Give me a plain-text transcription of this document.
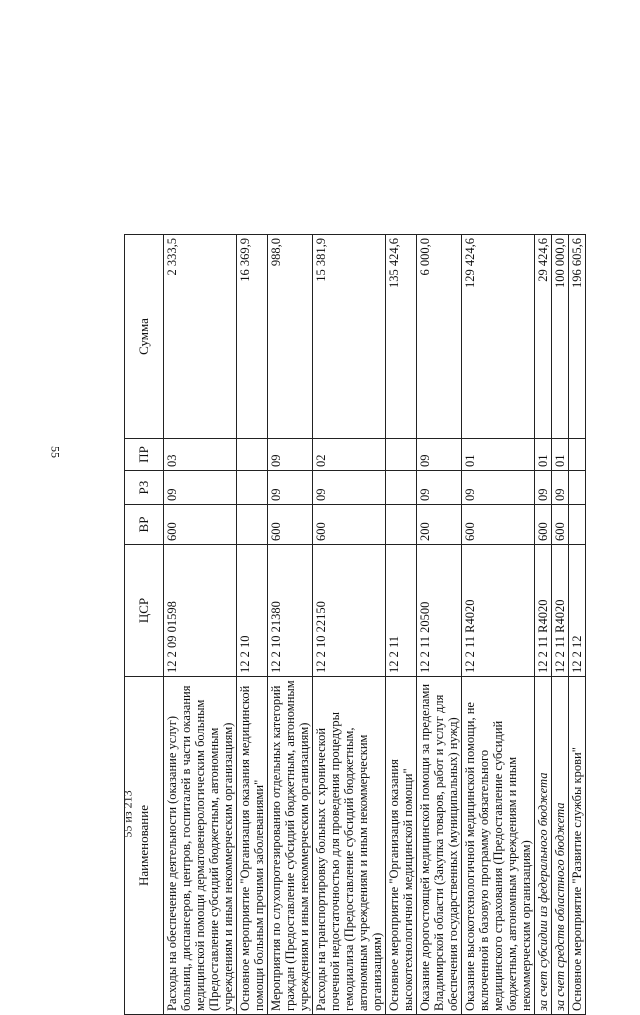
55
55 из 213 Наименование	ЦСР	ВР	РЗ	ПР	Сумма
Расходы на обеспечение деятельности (оказание услуг) больниц, диспансеров, центров, госпиталей в части оказания медицинской помощи дерматовенерологическим больным (Предоставление субсидий бюджетным, автономным учреждениям и иным некоммерческим организациям)	12 2 09 01598	600	09	03	2 333,5
Основное мероприятие "Организация оказания медицинской помощи больным прочими заболеваниями"	12 2 10				16 369,9
Мероприятия по слухопротезированию отдельных категорий граждан (Предоставление субсидий бюджетным, автономным учреждениям и иным некоммерческим организациям)	12 2 10 21380	600	09	09	988,0
Расходы на транспортировку больных с хронической почечной недостаточностью для проведения процедуры гемодиализа (Предоставление субсидий бюджетным, автономным учреждениям и иным некоммерческим организациям)	12 2 10 22150	600	09	02	15 381,9
Основное мероприятие "Организация оказания высокотехнологичной медицинской помощи"	12 2 11				135 424,6
Оказание дорогостоящей медицинской помощи за пределами Владимирской области (Закупка товаров, работ и услуг для обеспечения государственных (муниципальных) нужд)	12 2 11 20500	200	09	09	6 000,0
Оказание высокотехнологичной медицинской помощи, не включенной в базовую программу обязательного медицинского страхования (Предоставление субсидий бюджетным, автономным учреждениям и иным некоммерческим организациям)	12 2 11 R4020	600	09	01	129 424,6
за счет субсидии из федерального бюджета	12 2 11 R4020	600	09	01	29 424,6
за счет средств областного бюджета	12 2 11 R4020	600	09	01	100 000,0
Основное мероприятие "Развитие службы крови"	12 2 12				196 605,6
